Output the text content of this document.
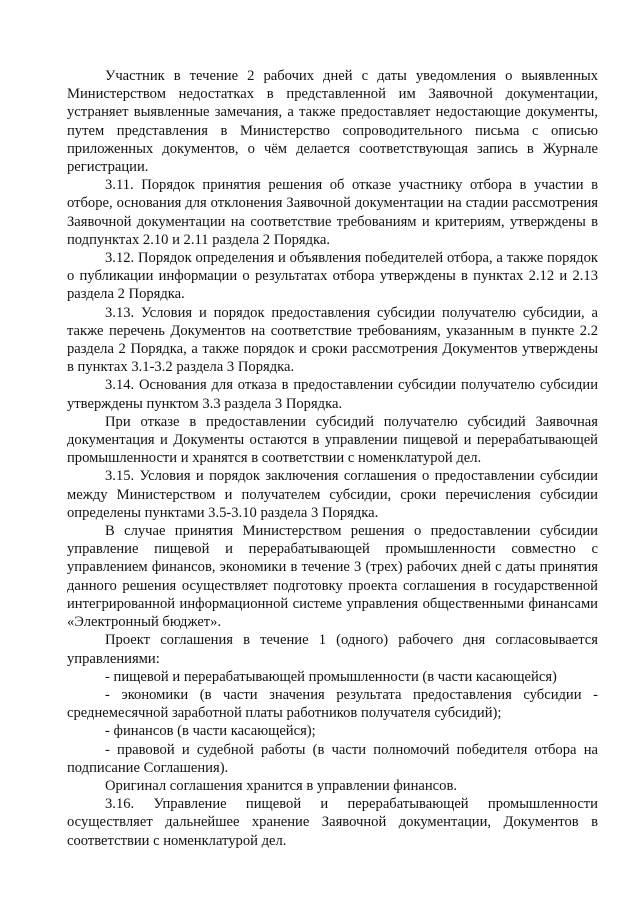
Участник в течение 2 рабочих дней с даты уведомления о выявленных Министерством недостатках в представленной им Заявочной документации, устраняет выявленные замечания, а также предоставляет недостающие документы, путем представления в Министерство сопроводительного письма с описью приложенных документов, о чём делается соответствующая запись в Журнале регистрации.

3.11. Порядок принятия решения об отказе участнику отбора в участии в отборе, основания для отклонения Заявочной документации на стадии рассмотрения Заявочной документации на соответствие требованиям и критериям, утверждены в подпунктах 2.10 и 2.11 раздела 2 Порядка.

3.12. Порядок определения и объявления победителей отбора, а также порядок о публикации информации о результатах отбора утверждены в пунктах 2.12 и 2.13 раздела 2 Порядка.

3.13. Условия и порядок предоставления субсидии получателю субсидии, а также перечень Документов на соответствие требованиям, указанным в пункте 2.2 раздела 2 Порядка, а также порядок и сроки рассмотрения Документов утверждены в пунктах 3.1-3.2 раздела 3 Порядка.

3.14. Основания для отказа в предоставлении субсидии получателю субсидии утверждены пунктом 3.3 раздела 3 Порядка.

При отказе в предоставлении субсидий получателю субсидий Заявочная документация и Документы остаются в управлении пищевой и перерабатывающей промышленности и хранятся в соответствии с номенклатурой дел.

3.15. Условия и порядок заключения соглашения о предоставлении субсидии между Министерством и получателем субсидии, сроки перечисления субсидии определены пунктами 3.5-3.10 раздела 3 Порядка.

В случае принятия Министерством решения о предоставлении субсидии управление пищевой и перерабатывающей промышленности совместно с управлением финансов, экономики в течение 3 (трех) рабочих дней с даты принятия данного решения осуществляет подготовку проекта соглашения в государственной интегрированной информационной системе управления общественными финансами «Электронный бюджет».

Проект соглашения в течение 1 (одного) рабочего дня согласовывается управлениями:

- пищевой и перерабатывающей промышленности (в части касающейся)

- экономики (в части значения результата предоставления субсидии - среднемесячной заработной платы работников получателя субсидий);

- финансов (в части касающейся);

- правовой и судебной работы (в части полномочий победителя отбора на подписание Соглашения).

Оригинал соглашения хранится в управлении финансов.

3.16. Управление пищевой и перерабатывающей промышленности осуществляет дальнейшее хранение Заявочной документации, Документов в соответствии с номенклатурой дел.
